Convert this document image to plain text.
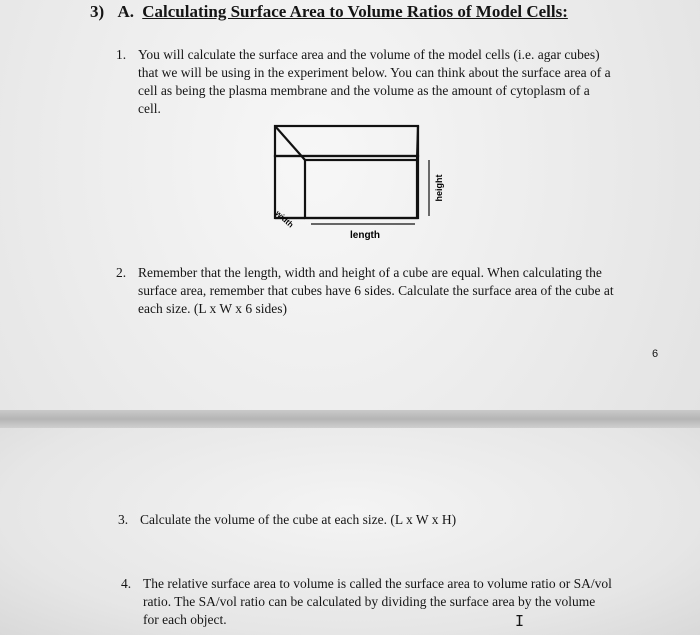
3) A. Calculating Surface Area to Volume Ratios of Model Cells:
1. You will calculate the surface area and the volume of the model cells (i.e. agar cubes)
that we will be using in the experiment below. You can think about the surface area of a
cell as being the plasma membrane and the volume as the amount of cytoplasm of a
cell.
length
height
width
2. Remember that the length, width and height of a cube are equal. When calculating the
surface area, remember that cubes have 6 sides. Calculate the surface area of the cube at
each size. (L x W x 6 sides)
6
3. Calculate the volume of the cube at each size. (L x W x H)
4. The relative surface area to volume is called the surface area to volume ratio or SA/vol
ratio. The SA/vol ratio can be calculated by dividing the surface area by the volume
for each object.	I
